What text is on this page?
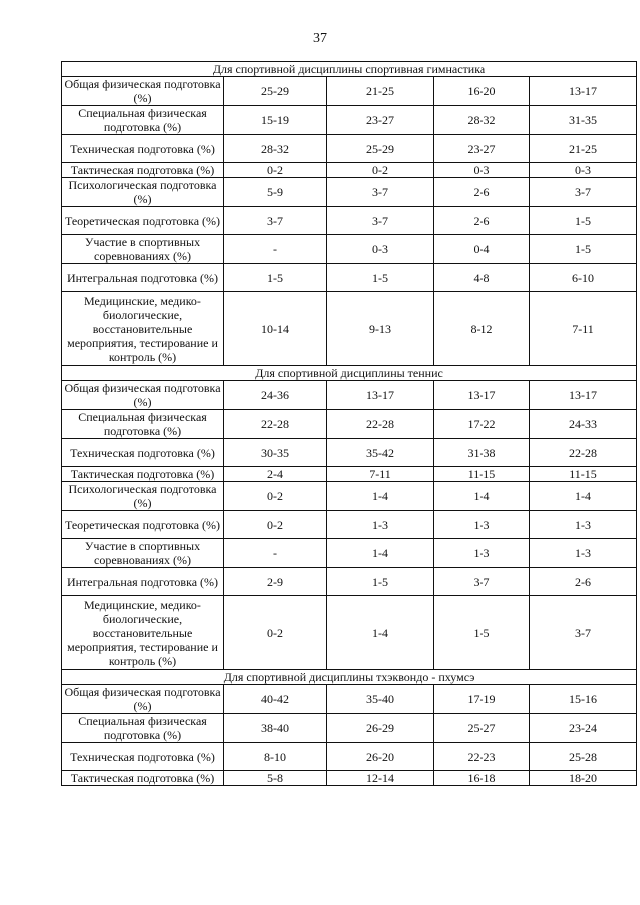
37
Для спортивной дисциплины спортивная гимнастика				
Общая физическая подготовка (%)	25-29	21-25	16-20	13-17
Специальная физическая подготовка (%)	15-19	23-27	28-32	31-35
Техническая подготовка (%)	28-32	25-29	23-27	21-25
Тактическая подготовка (%)	0-2	0-2	0-3	0-3
Психологическая подготовка (%)	5-9	3-7	2-6	3-7
Теоретическая подготовка (%)	3-7	3-7	2-6	1-5
Участие в спортивных соревнованиях (%)	-	0-3	0-4	1-5
Интегральная подготовка (%)	1-5	1-5	4-8	6-10
Медицинские, медико-биологические, восстановительные мероприятия, тестирование и контроль (%)	10-14	9-13	8-12	7-11
Для спортивной дисциплины теннис				
Общая физическая подготовка (%)	24-36	13-17	13-17	13-17
Специальная физическая подготовка (%)	22-28	22-28	17-22	24-33
Техническая подготовка (%)	30-35	35-42	31-38	22-28
Тактическая подготовка (%)	2-4	7-11	11-15	11-15
Психологическая подготовка (%)	0-2	1-4	1-4	1-4
Теоретическая подготовка (%)	0-2	1-3	1-3	1-3
Участие в спортивных соревнованиях (%)	-	1-4	1-3	1-3
Интегральная подготовка (%)	2-9	1-5	3-7	2-6
Медицинские, медико-биологические, восстановительные мероприятия, тестирование и контроль (%)	0-2	1-4	1-5	3-7
Для спортивной дисциплины тхэквондо - пхумсэ				
Общая физическая подготовка (%)	40-42	35-40	17-19	15-16
Специальная физическая подготовка (%)	38-40	26-29	25-27	23-24
Техническая подготовка (%)	8-10	26-20	22-23	25-28
Тактическая подготовка (%)	5-8	12-14	16-18	18-20
